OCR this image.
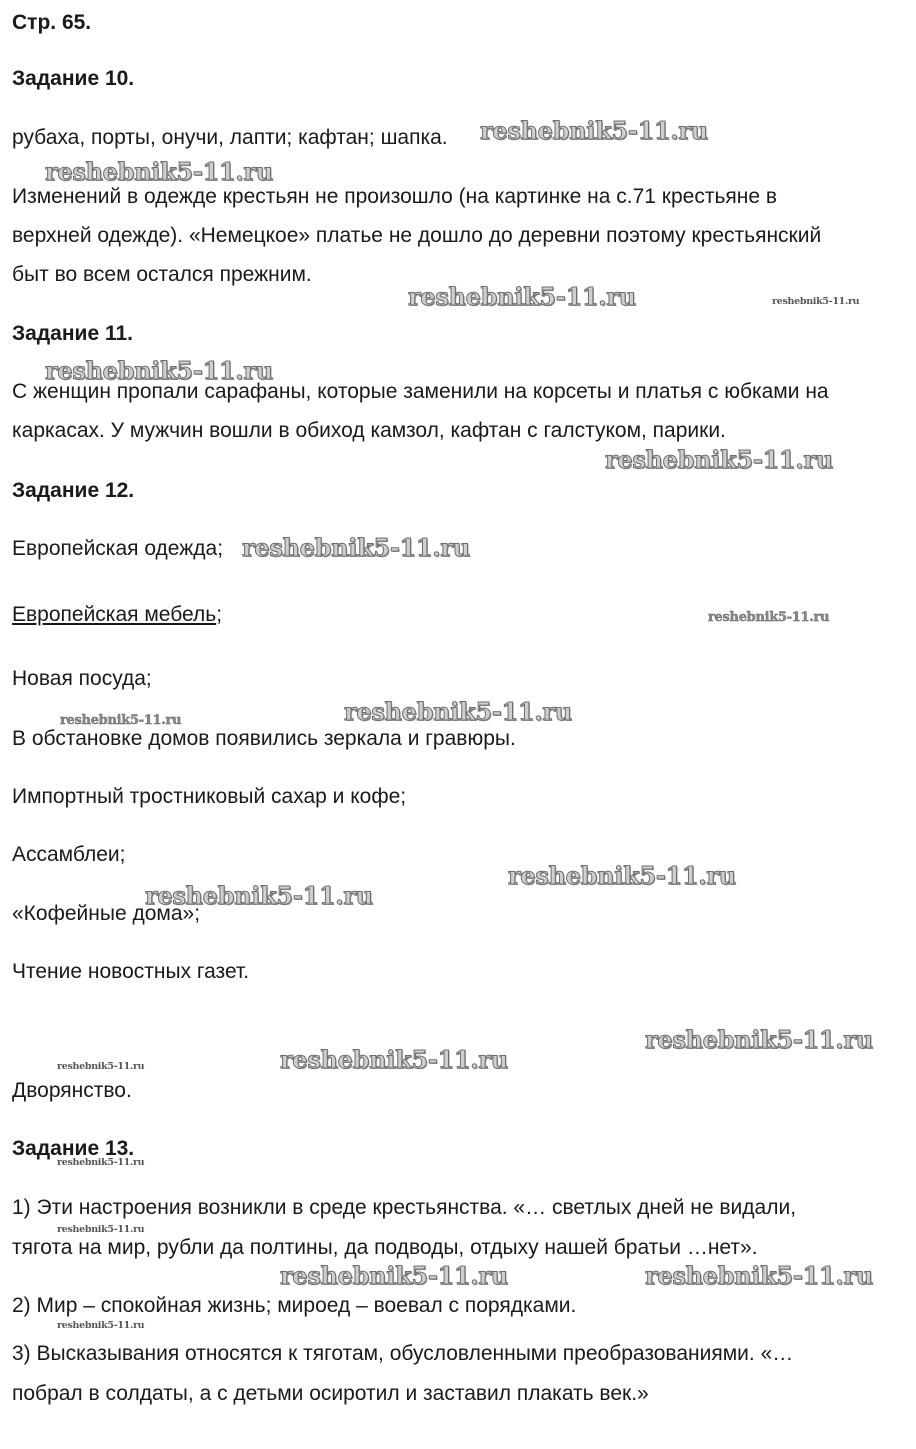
Стр. 65.
Задание 10.
рубаха, порты, онучи, лапти; кафтан; шапка.
Изменений в одежде крестьян не произошло (на картинке на с.71 крестьяне в
верхней одежде). «Немецкое» платье не дошло до деревни поэтому крестьянский
быт во всем остался прежним.
Задание 11.
С женщин пропали сарафаны, которые заменили на корсеты и платья с юбками на
каркасах. У мужчин вошли в обиход камзол, кафтан с галстуком, парики.
Задание 12.
Европейская одежда;
Европейская мебель;
Новая посуда;
В обстановке домов появились зеркала и гравюры.
Импортный тростниковый сахар и кофе;
Ассамблеи;
«Кофейные дома»;
Чтение новостных газет.
Дворянство.
Задание 13.
1) Эти настроения возникли в среде крестьянства. «… светлых дней не видали,
тягота на мир, рубли да полтины, да подводы, отдыху нашей братьи …нет».
2) Мир – спокойная жизнь; мироед – воевал с порядками.
3) Высказывания относятся к тяготам, обусловленными преобразованиями. «…
побрал в солдаты, а с детьми осиротил и заставил плакать век.»
reshebnik5-11.ru
reshebnik5-11.ru
reshebnik5-11.ru	reshebnik5-11.ru
reshebnik5-11.ru
reshebnik5-11.ru
reshebnik5-11.ru
reshebnik5-11.ru
reshebnik5-11.ru	reshebnik5-11.ru
reshebnik5-11.ru
reshebnik5-11.ru
reshebnik5-11.ru
reshebnik5-11.ru
reshebnik5-11.ru
reshebnik5-11.ru
reshebnik5-11.ru
reshebnik5-11.ru	reshebnik5-11.ru
reshebnik5-11.ru
